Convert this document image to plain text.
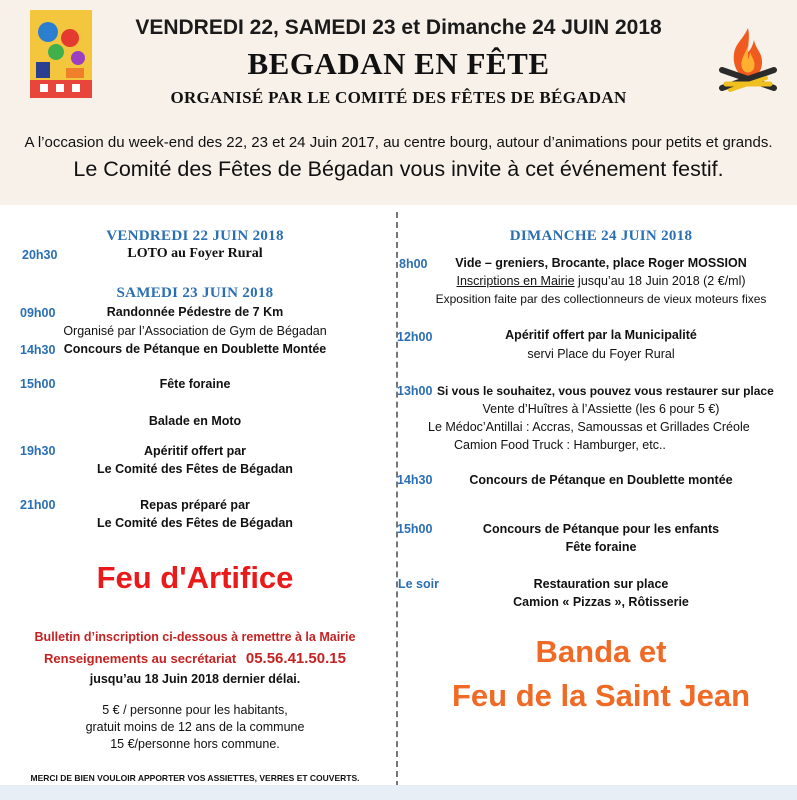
VENDREDI 22, SAMEDI 23 et Dimanche 24 JUIN 2018
BEGADAN EN FÊTE
ORGANISÉ PAR LE COMITÉ DES FÊTES DE BÉGADAN
A l’occasion du week-end des 22, 23 et 24 Juin 2017, au centre bourg, autour d’animations pour petits et grands.
Le Comité des Fêtes de Bégadan vous invite à cet événement festif.
VENDREDI 22 JUIN 2018
20h30	LOTO au Foyer Rural
SAMEDI 23 JUIN 2018
09h00	Randonnée Pédestre de 7 Km
Organisé par l’Association de Gym de Bégadan
14h30 Concours de Pétanque en Doublette Montée
15h00	Fête foraine
Balade en Moto
19h30	Apéritif offert par
Le Comité des Fêtes de Bégadan
21h00	Repas préparé par
Le Comité des Fêtes de Bégadan
Feu d'Artifice
Bulletin d’inscription ci-dessous à remettre à la Mairie
Renseignements au secrétariat 05.56.41.50.15
jusqu’au 18 Juin 2018 dernier délai.
5 € / personne pour les habitants,
gratuit moins de 12 ans de la commune
15 €/personne hors commune.
MERCI DE BIEN VOULOIR APPORTER VOS ASSIETTES, VERRES ET COUVERTS.
DIMANCHE 24 JUIN 2018
8h00	Vide – greniers, Brocante, place Roger MOSSION
Inscriptions en Mairie jusqu’au 18 Juin 2018 (2 €/ml)
Exposition faite par des collectionneurs de vieux moteurs fixes
12h00	Apéritif offert par la Municipalité
servi Place du Foyer Rural
13h00 Si vous le souhaitez, vous pouvez vous restaurer sur place
Vente d’Huîtres à l’Assiette (les 6 pour 5 €)
Le Médoc’Antillai : Accras, Samoussas et Grillades Créole
Camion Food Truck : Hamburger, etc..
14h30	Concours de Pétanque en Doublette montée
15h00	Concours de Pétanque pour les enfants
Fête foraine
Le soir	Restauration sur place
Camion « Pizzas », Rôtisserie
Banda et
Feu de la Saint Jean
